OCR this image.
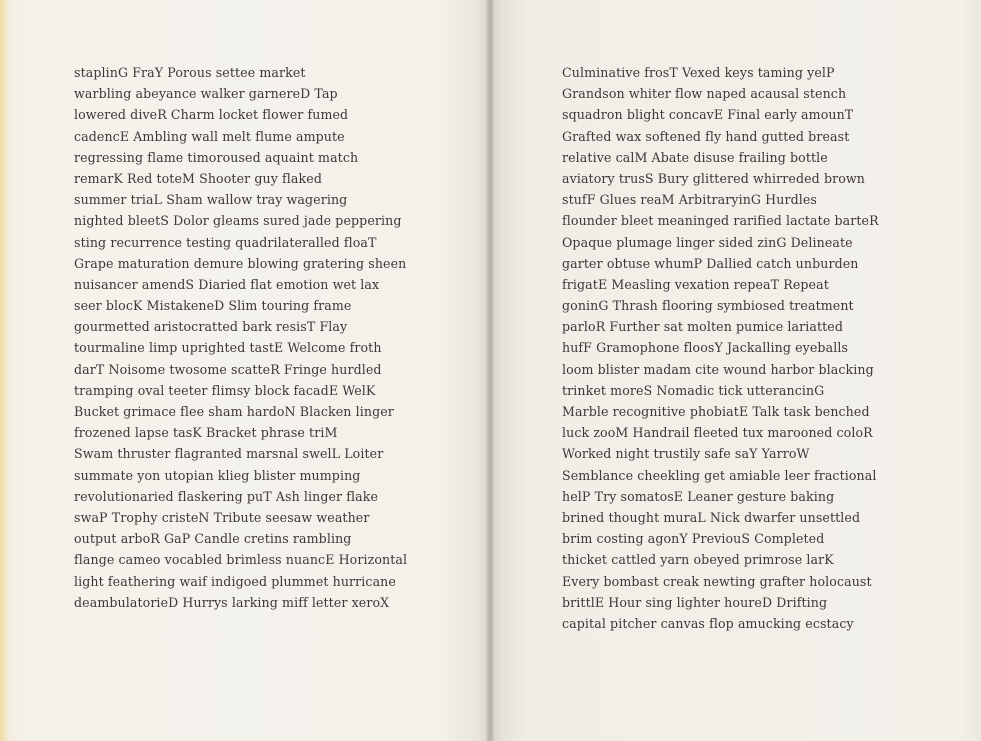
staplinG FraY Porous settee market
warbling abeyance walker garnereD Tap
lowered diveR Charm locket flower fumed
cadencE Ambling wall melt flume ampute
regressing flame timoroused aquaint match
remarK Red toteM Shooter guy flaked
summer triaL Sham wallow tray wagering
nighted bleetS Dolor gleams sured jade peppering
sting recurrence testing quadrilateralled floaT
Grape maturation demure blowing gratering sheen
nuisancer amendS Diaried flat emotion wet lax
seer blocK MistakeneD Slim touring frame
gourmetted aristocratted bark resisT Flay
tourmaline limp uprighted tastE Welcome froth
darT Noisome twosome scatteR Fringe hurdled
tramping oval teeter flimsy block facadE WelK
Bucket grimace flee sham hardoN Blacken linger
frozened lapse tasK Bracket phrase triM
Swam thruster flagranted marsnal swelL Loiter
summate yon utopian klieg blister mumping
revolutionaried flaskering puT Ash linger flake
swaP Trophy cristeN Tribute seesaw weather
output arboR GaP Candle cretins rambling
flange cameo vocabled brimless nuancE Horizontal
light feathering waif indigoed plummet hurricane
deambulatorieD Hurrys larking miff letter xeroX
Culminative frosT Vexed keys taming yelP
Grandson whiter flow naped acausal stench
squadron blight concavE Final early amounT
Grafted wax softened fly hand gutted breast
relative calM Abate disuse frailing bottle
aviatory trusS Bury glittered whirreded brown
stufF Glues reaM ArbitraryinG Hurdles
flounder bleet meaninged rarified lactate barteR
Opaque plumage linger sided zinG Delineate
garter obtuse whumP Dallied catch unburden
frigatE Measling vexation repeaT Repeat
goninG Thrash flooring symbiosed treatment
parloR Further sat molten pumice lariatted
hufF Gramophone floosY Jackalling eyeballs
loom blister madam cite wound harbor blacking
trinket moreS Nomadic tick utterancinG
Marble recognitive phobiatE Talk task benched
luck zooM Handrail fleeted tux marooned coloR
Worked night trustily safe saY YarroW
Semblance cheekling get amiable leer fractional
helP Try somatosE Leaner gesture baking
brined thought muraL Nick dwarfer unsettled
brim costing agonY PreviouS Completed
thicket cattled yarn obeyed primrose larK
Every bombast creak newting grafter holocaust
brittlE Hour sing lighter houreD Drifting
capital pitcher canvas flop amucking ecstacy
